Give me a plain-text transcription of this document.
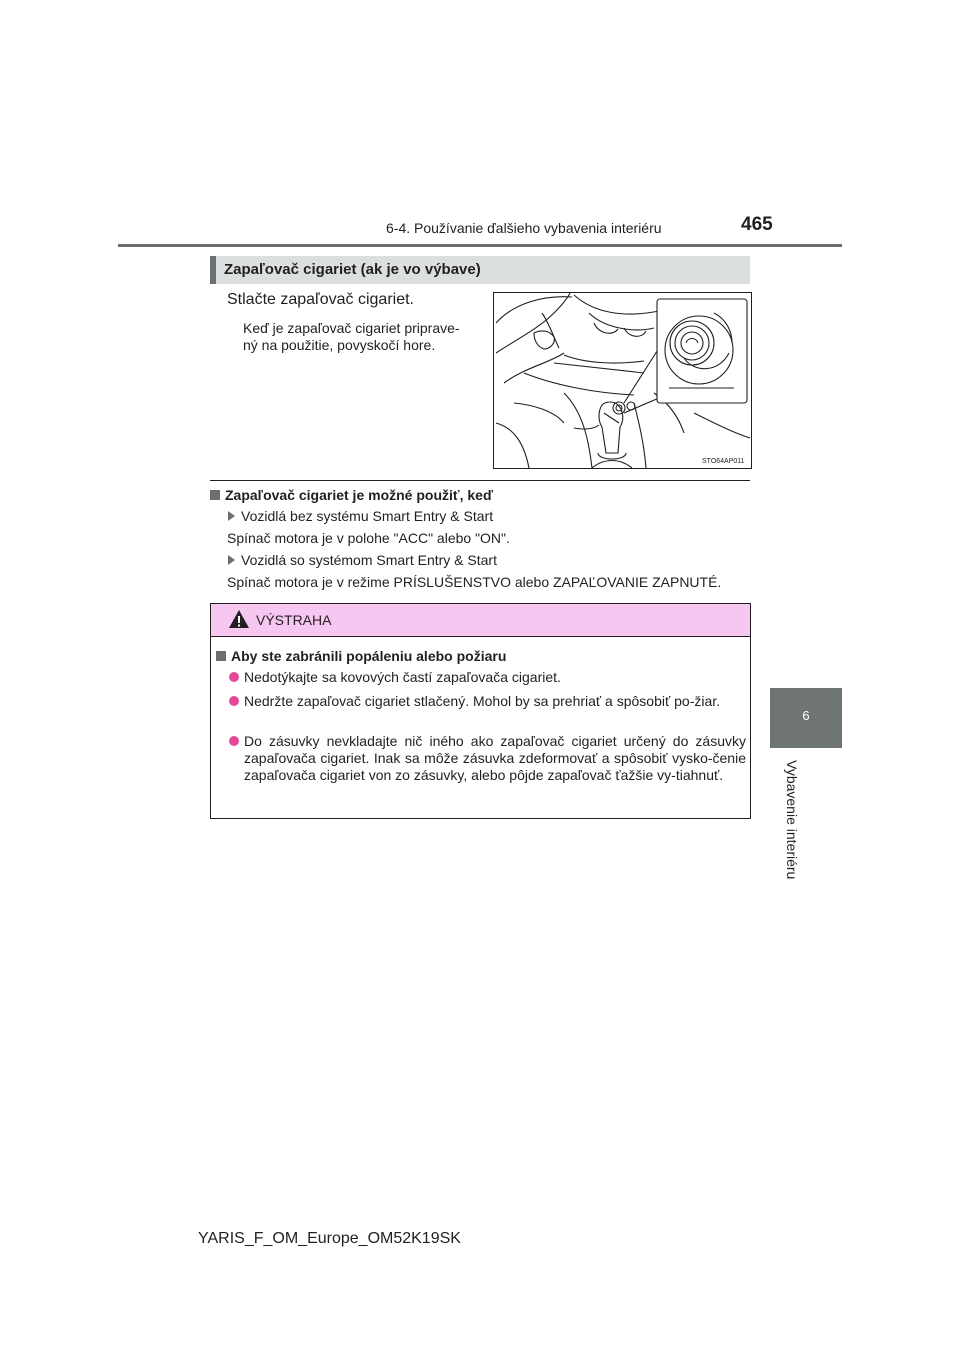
6-4. Používanie ďalšieho vybavenia interiéru	465
6
Vybavenie interiéru
Zapaľovač cigariet (ak je vo výbave)
Stlačte zapaľovač cigariet.
Keď je zapaľovač cigariet priprave-
ný na použitie, povyskočí hore.
STO64AP011
Zapaľovač cigariet je možné použiť, keď
Vozidlá bez systému Smart Entry & Start
Spínač motora je v polohe "ACC" alebo "ON".
Vozidlá so systémom Smart Entry & Start
Spínač motora je v režime PRÍSLUŠENSTVO alebo ZAPAĽOVANIE ZAPNUTÉ.
VÝSTRAHA
Aby ste zabránili popáleniu alebo požiaru
Nedotýkajte sa kovových častí zapaľovača cigariet.
Nedržte zapaľovač cigariet stlačený. Mohol by sa prehriať a spôsobiť po-žiar.
Do zásuvky nevkladajte nič iného ako zapaľovač cigariet určený do zásuvky zapaľovača cigariet. Inak sa môže zásuvka zdeformovať a spôsobiť vysko-čenie zapaľovača cigariet von zo zásuvky, alebo pôjde zapaľovač ťažšie vy-tiahnuť.
YARIS_F_OM_Europe_OM52K19SK
